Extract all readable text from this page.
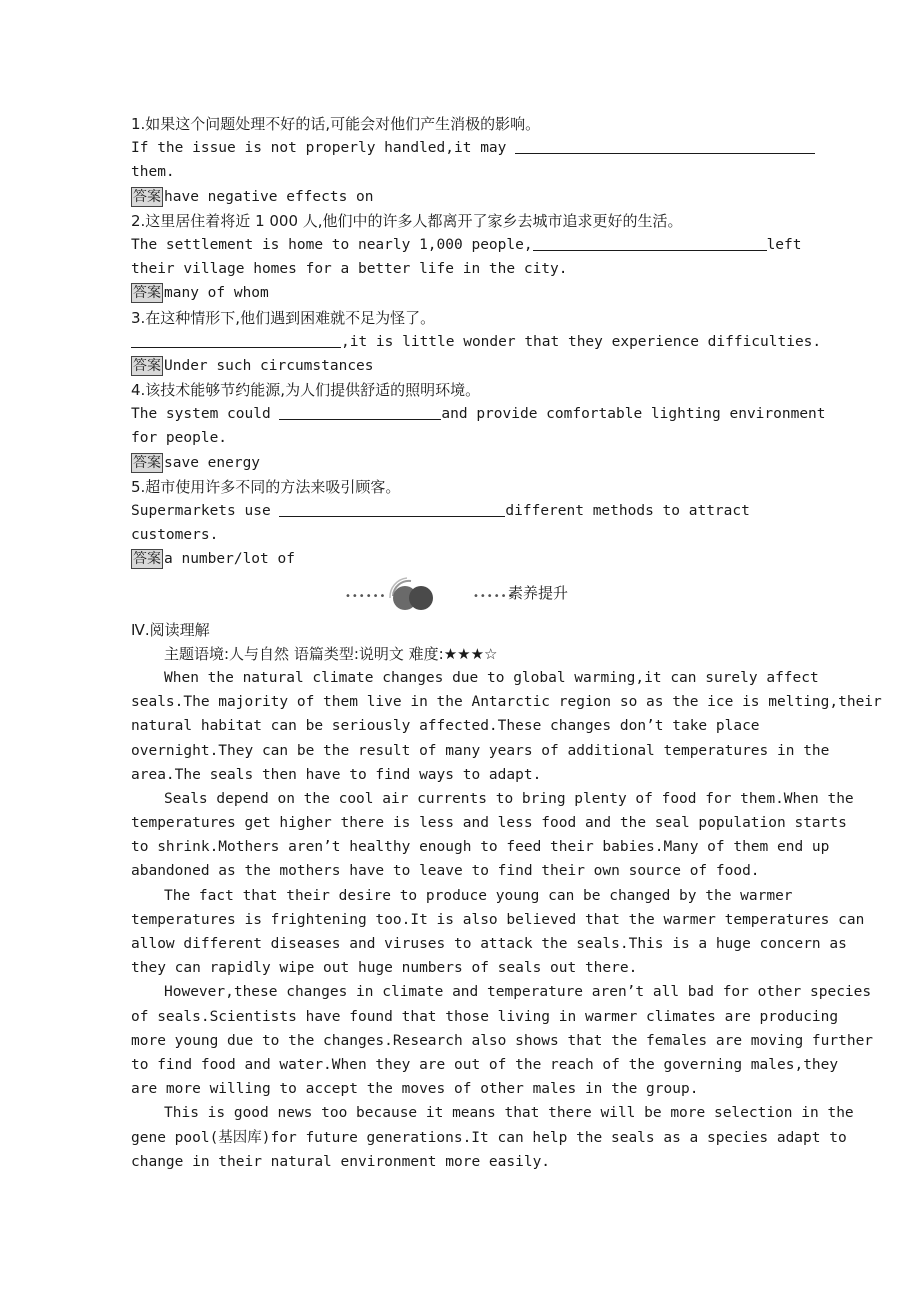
1.如果这个问题处理不好的话,可能会对他们产生消极的影响。
If the issue is not properly handled,it may
them.
答案 have negative effects on
2.这里居住着将近 1 000 人,他们中的许多人都离开了家乡去城市追求更好的生活。
The settlement is home to nearly 1,000 people,	left
their village homes for a better life in the city.
答案 many of whom
3.在这种情形下,他们遇到困难就不足为怪了。
,it is little wonder that they experience difficulties.
答案 Under such circumstances
4.该技术能够节约能源,为人们提供舒适的照明环境。
The system could	and provide comfortable lighting environment
for people.
答案 save energy
5.超市使用许多不同的方法来吸引顾客。
Supermarkets use	different methods to attract
customers.
答案 a number/lot of
••••••	••••••
素养提升
Ⅳ.阅读理解
主题语境:人与自然 语篇类型:说明文 难度:★★★☆
When the natural climate changes due to global warming,it can surely affect
seals.The majority of them live in the Antarctic region so as the ice is melting,their
natural habitat can be seriously affected.These changes don’t take place
overnight.They can be the result of many years of additional temperatures in the
area.The seals then have to find ways to adapt.
Seals depend on the cool air currents to bring plenty of food for them.When the
temperatures get higher there is less and less food and the seal population starts
to shrink.Mothers aren’t healthy enough to feed their babies.Many of them end up
abandoned as the mothers have to leave to find their own source of food.
The fact that their desire to produce young can be changed by the warmer
temperatures is frightening too.It is also believed that the warmer temperatures can
allow different diseases and viruses to attack the seals.This is a huge concern as
they can rapidly wipe out huge numbers of seals out there.
However,these changes in climate and temperature aren’t all bad for other species
of seals.Scientists have found that those living in warmer climates are producing
more young due to the changes.Research also shows that the females are moving further
to find food and water.When they are out of the reach of the governing males,they
are more willing to accept the moves of other males in the group.
This is good news too because it means that there will be more selection in the
gene pool(基因库)for future generations.It can help the seals as a species adapt to
change in their natural environment more easily.
